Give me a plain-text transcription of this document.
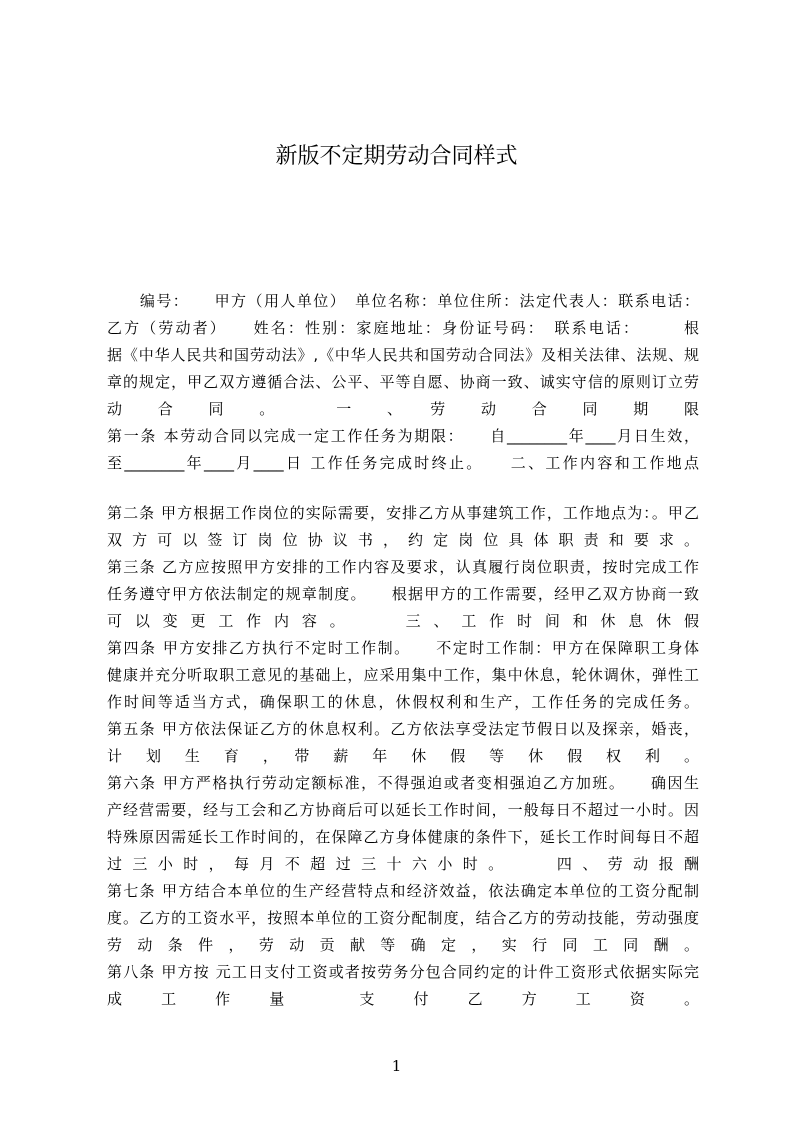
新版不定期劳动合同样式
　　编号：　　甲方（用人单位）　单位名称：单位住所：法定代表人：联系电话：
乙方（劳动者）　　姓名：性别：家庭地址：身份证号码：　联系电话：　　　根
据《中华人民共和国劳动法》,《中华人民共和国劳动合同法》及相关法律、法规、规
章的规定，甲乙双方遵循合法、公平、平等自愿、协商一致、诚实守信的原则订立劳
动　　合　　同　　。　　　　一　　、　　劳　　动　　合　　同　　期　　限
第一条 本劳动合同以完成一定工作任务为期限：　　自________年____月日生效，
至________年____月____日 工作任务完成时终止。　　二、工作内容和工作地点
第二条 甲方根据工作岗位的实际需要，安排乙方从事建筑工作，工作地点为：。甲乙
双方可以签订岗位协议书，约定岗位具体职责和要求。
第三条 乙方应按照甲方安排的工作内容及要求，认真履行岗位职责，按时完成工作
任务遵守甲方依法制定的规章制度。　　根据甲方的工作需要，经甲乙双方协商一致
可以变更工作内容。　　三、工作时间和休息休假
第四条 甲方安排乙方执行不定时工作制。　　不定时工作制：甲方在保障职工身体
健康并充分听取职工意见的基础上，应采用集中工作，集中休息，轮休调休，弹性工
作时间等适当方式，确保职工的休息，休假权利和生产，工作任务的完成任务。
第五条 甲方依法保证乙方的休息权利。乙方依法享受法定节假日以及探亲，婚丧，
计　划　生　育　，　带　薪　年　休　假　等　休　假　权　利　。
第六条 甲方严格执行劳动定额标准，不得强迫或者变相强迫乙方加班。　　确因生
产经营需要，经与工会和乙方协商后可以延长工作时间，一般每日不超过一小时。因
特殊原因需延长工作时间的，在保障乙方身体健康的条件下，延长工作时间每日不超
过三小时，每月不超过三十六小时。　　四、劳动报酬
第七条 甲方结合本单位的生产经营特点和经济效益，依法确定本单位的工资分配制
度。乙方的工资水平，按照本单位的工资分配制度，结合乙方的劳动技能，劳动强度
劳动条件，劳动贡献等确定，实行同工同酬。
第八条 甲方按 元工日支付工资或者按劳务分包合同约定的计件工资形式依据实际完
成　　工　　作　　量　　　　支　　付　　乙　　方　　工　　资　　。
1
